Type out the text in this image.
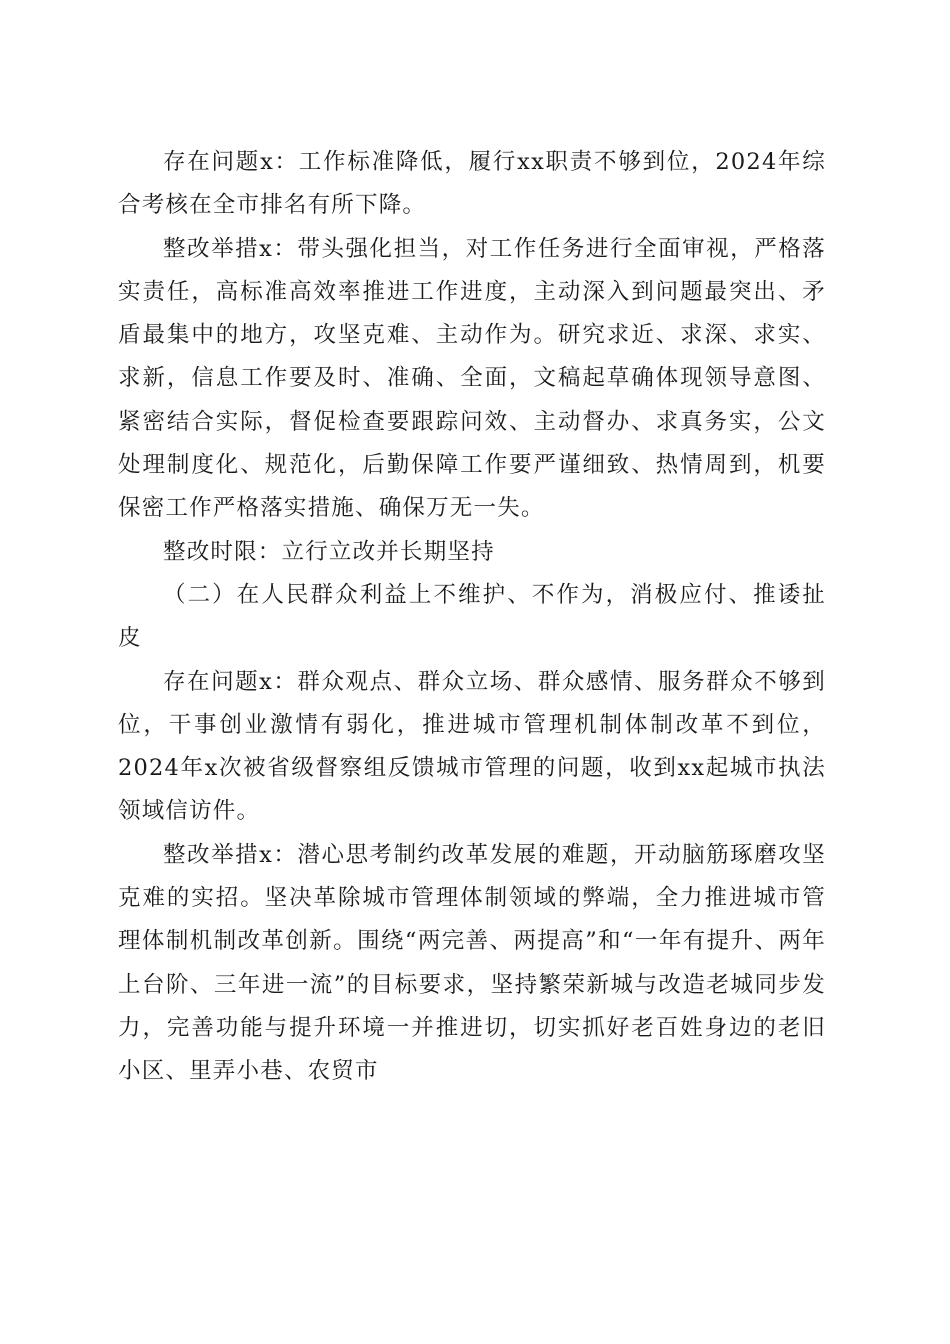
存在问题x：工作标准降低，履行xx职责不够到位，2024年综合考核在全市排名有所下降。

整改举措x：带头强化担当，对工作任务进行全面审视，严格落实责任，高标准高效率推进工作进度，主动深入到问题最突出、矛盾最集中的地方，攻坚克难、主动作为。研究求近、求深、求实、求新，信息工作要及时、准确、全面，文稿起草确体现领导意图、紧密结合实际，督促检查要跟踪问效、主动督办、求真务实，公文处理制度化、规范化，后勤保障工作要严谨细致、热情周到，机要保密工作严格落实措施、确保万无一失。

整改时限：立行立改并长期坚持

（二）在人民群众利益上不维护、不作为，消极应付、推诿扯皮

存在问题x：群众观点、群众立场、群众感情、服务群众不够到位，干事创业激情有弱化，推进城市管理机制体制改革不到位，2024年x次被省级督察组反馈城市管理的问题，收到xx起城市执法领域信访件。

整改举措x：潜心思考制约改革发展的难题，开动脑筋琢磨攻坚克难的实招。坚决革除城市管理体制领域的弊端，全力推进城市管理体制机制改革创新。围绕“两完善、两提高”和“一年有提升、两年上台阶、三年进一流”的目标要求，坚持繁荣新城与改造老城同步发力，完善功能与提升环境一并推进切，切实抓好老百姓身边的老旧小区、里弄小巷、农贸市
